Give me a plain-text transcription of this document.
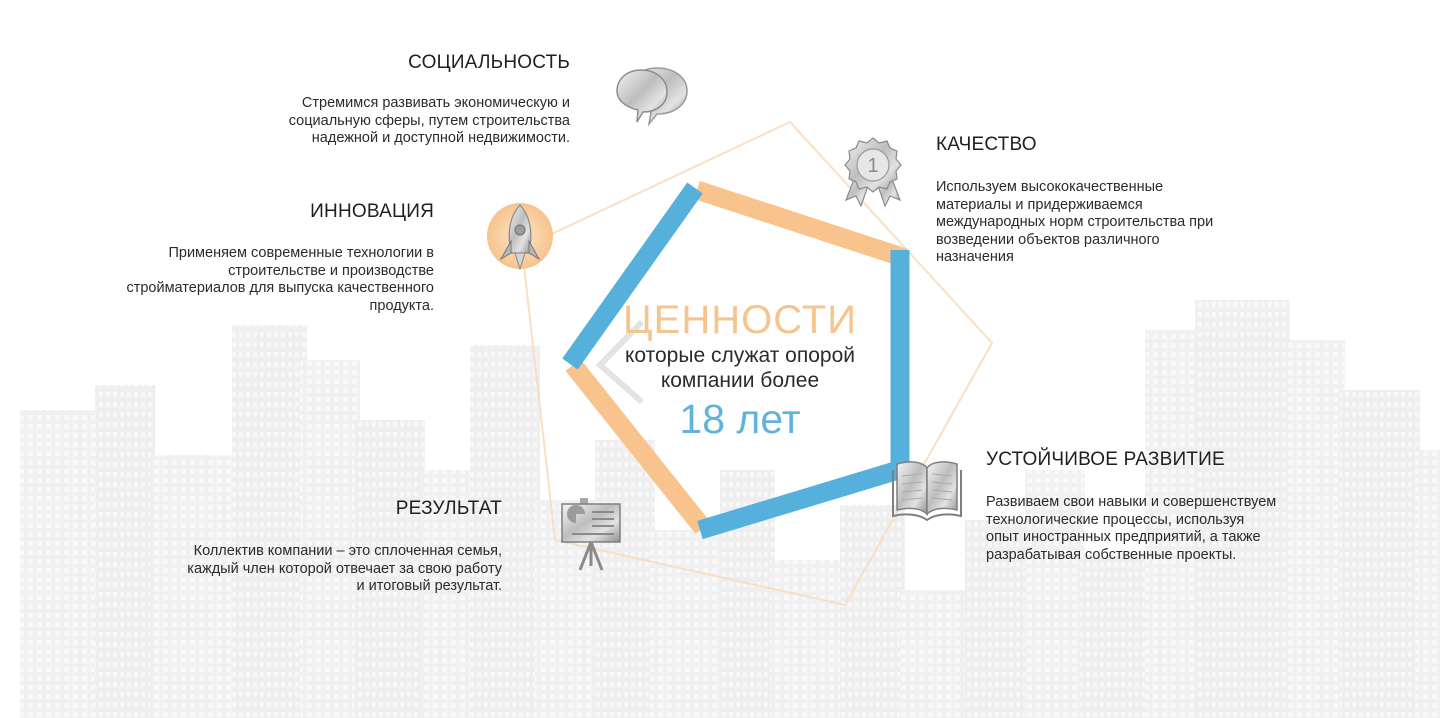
1
ЦЕННОСТИ
которые служат опорой
компании более
18 лет
СОЦИАЛЬНОСТЬ
Стремимся развивать экономическую и социальную сферы, путем строительства надежной и доступной недвижимости.
ИННОВАЦИЯ
Применяем современные технологии в строительстве и производстве стройматериалов для выпуска качественного продукта.
РЕЗУЛЬТАТ
Коллектив компании – это сплоченная семья, каждый член которой отвечает за свою работу и итоговый результат.
КАЧЕСТВО
Используем высококачественные материалы и придерживаемся международных норм строительства при возведении объектов различного назначения
УСТОЙЧИВОЕ РАЗВИТИЕ
Развиваем свои навыки и совершенствуем технологические процессы, используя опыт иностранных предприятий, а также разрабатывая собственные проекты.
